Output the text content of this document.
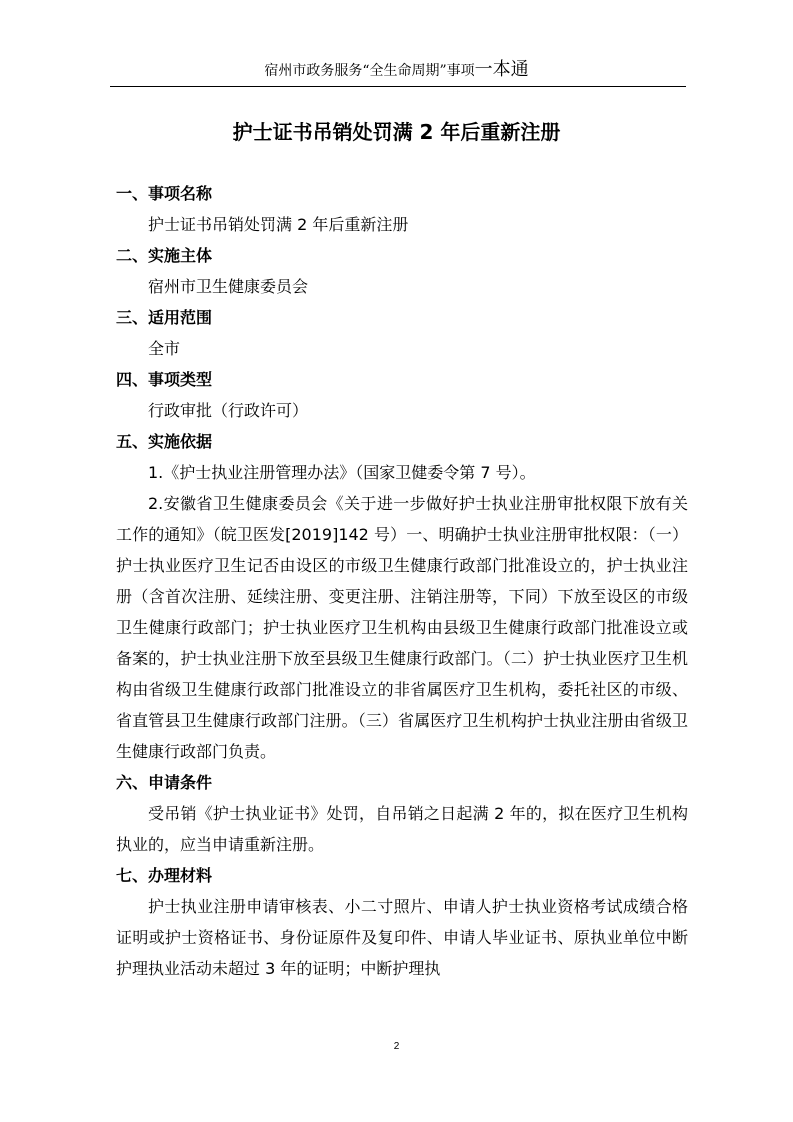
宿州市政务服务“全生命周期”事项一本通
护士证书吊销处罚满 2 年后重新注册

一、事项名称

护士证书吊销处罚满 2 年后重新注册

二、实施主体

宿州市卫生健康委员会

三、适用范围

全市

四、事项类型

行政审批（行政许可）

五、实施依据

1.《护士执业注册管理办法》（国家卫健委令第 7 号）。

2.安徽省卫生健康委员会《关于进一步做好护士执业注册审批权限下放有关工作的通知》（皖卫医发[2019]142 号）一、明确护士执业注册审批权限：（一）护士执业医疗卫生记否由设区的市级卫生健康行政部门批准设立的，护士执业注册（含首次注册、延续注册、变更注册、注销注册等，下同）下放至设区的市级卫生健康行政部门；护士执业医疗卫生机构由县级卫生健康行政部门批准设立或备案的，护士执业注册下放至县级卫生健康行政部门。（二）护士执业医疗卫生机构由省级卫生健康行政部门批准设立的非省属医疗卫生机构，委托社区的市级、省直管县卫生健康行政部门注册。（三）省属医疗卫生机构护士执业注册由省级卫生健康行政部门负责。

六、申请条件

受吊销《护士执业证书》处罚，自吊销之日起满 2 年的，拟在医疗卫生机构执业的，应当申请重新注册。

七、办理材料

护士执业注册申请审核表、小二寸照片、申请人护士执业资格考试成绩合格证明或护士资格证书、身份证原件及复印件、申请人毕业证书、原执业单位中断护理执业活动未超过 3 年的证明；中断护理执

2
